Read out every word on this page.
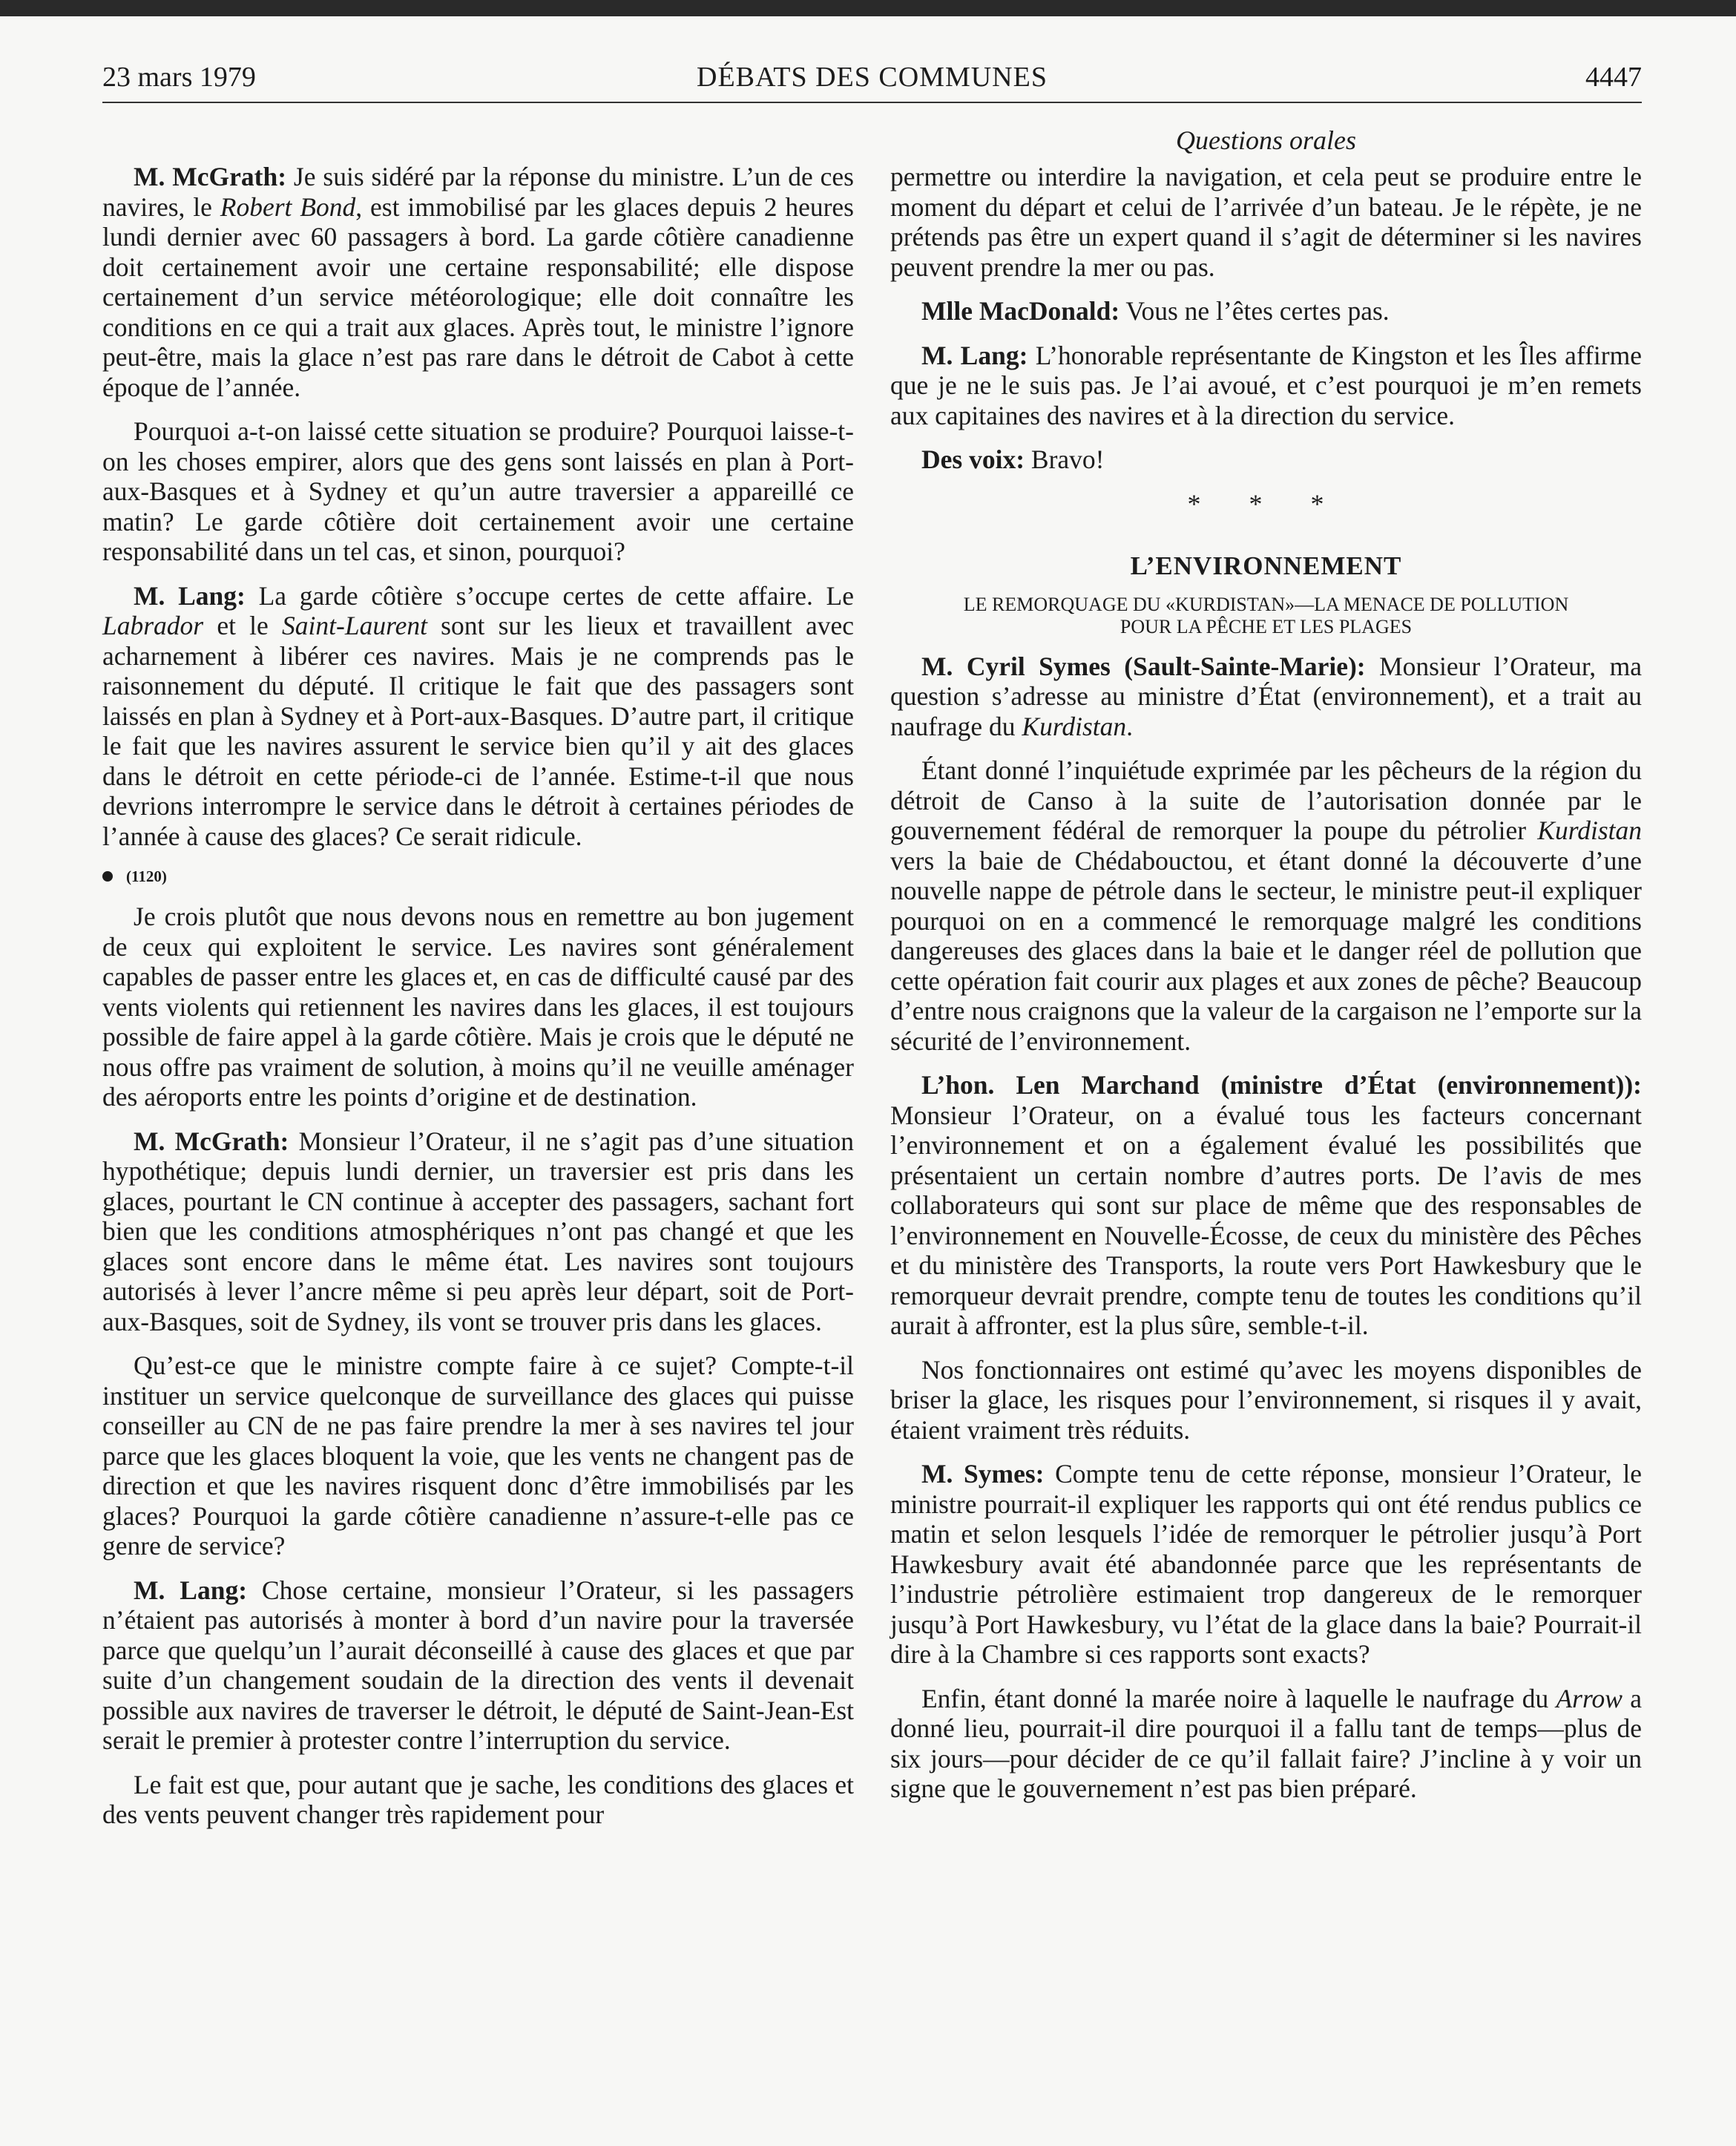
23 mars 1979	DÉBATS DES COMMUNES	4447
Questions orales

M. McGrath: Je suis sidéré par la réponse du ministre. L’un de ces navires, le Robert Bond, est immobilisé par les glaces depuis 2 heures lundi dernier avec 60 passagers à bord. La garde côtière canadienne doit certainement avoir une certaine responsabilité; elle dispose certainement d’un service météorologique; elle doit connaître les conditions en ce qui a trait aux glaces. Après tout, le ministre l’ignore peut-être, mais la glace n’est pas rare dans le détroit de Cabot à cette époque de l’année.

Pourquoi a-t-on laissé cette situation se produire? Pourquoi laisse-t-on les choses empirer, alors que des gens sont laissés en plan à Port-aux-Basques et à Sydney et qu’un autre traversier a appareillé ce matin? Le garde côtière doit certainement avoir une certaine responsabilité dans un tel cas, et sinon, pourquoi?

M. Lang: La garde côtière s’occupe certes de cette affaire. Le Labrador et le Saint-Laurent sont sur les lieux et travaillent avec acharnement à libérer ces navires. Mais je ne comprends pas le raisonnement du député. Il critique le fait que des passagers sont laissés en plan à Sydney et à Port-aux-Basques. D’autre part, il critique le fait que les navires assurent le service bien qu’il y ait des glaces dans le détroit en cette période-ci de l’année. Estime-t-il que nous devrions interrompre le service dans le détroit à certaines périodes de l’année à cause des glaces? Ce serait ridicule.

(1120)

Je crois plutôt que nous devons nous en remettre au bon jugement de ceux qui exploitent le service. Les navires sont généralement capables de passer entre les glaces et, en cas de difficulté causé par des vents violents qui retiennent les navires dans les glaces, il est toujours possible de faire appel à la garde côtière. Mais je crois que le député ne nous offre pas vraiment de solution, à moins qu’il ne veuille aménager des aéroports entre les points d’origine et de destination.

M. McGrath: Monsieur l’Orateur, il ne s’agit pas d’une situation hypothétique; depuis lundi dernier, un traversier est pris dans les glaces, pourtant le CN continue à accepter des passagers, sachant fort bien que les conditions atmosphériques n’ont pas changé et que les glaces sont encore dans le même état. Les navires sont toujours autorisés à lever l’ancre même si peu après leur départ, soit de Port-aux-Basques, soit de Sydney, ils vont se trouver pris dans les glaces.

Qu’est-ce que le ministre compte faire à ce sujet? Compte-t-il instituer un service quelconque de surveillance des glaces qui puisse conseiller au CN de ne pas faire prendre la mer à ses navires tel jour parce que les glaces bloquent la voie, que les vents ne changent pas de direction et que les navires risquent donc d’être immobilisés par les glaces? Pourquoi la garde côtière canadienne n’assure-t-elle pas ce genre de service?

M. Lang: Chose certaine, monsieur l’Orateur, si les passagers n’étaient pas autorisés à monter à bord d’un navire pour la traversée parce que quelqu’un l’aurait déconseillé à cause des glaces et que par suite d’un changement soudain de la direction des vents il devenait possible aux navires de traverser le détroit, le député de Saint-Jean-Est serait le premier à protester contre l’interruption du service.

Le fait est que, pour autant que je sache, les conditions des glaces et des vents peuvent changer très rapidement pour

permettre ou interdire la navigation, et cela peut se produire entre le moment du départ et celui de l’arrivée d’un bateau. Je le répète, je ne prétends pas être un expert quand il s’agit de déterminer si les navires peuvent prendre la mer ou pas.

Mlle MacDonald: Vous ne l’êtes certes pas.

M. Lang: L’honorable représentante de Kingston et les Îles affirme que je ne le suis pas. Je l’ai avoué, et c’est pourquoi je m’en remets aux capitaines des navires et à la direction du service.

Des voix: Bravo!

* * *
L’ENVIRONNEMENT
LE REMORQUAGE DU «KURDISTAN»—LA MENACE DE POLLUTION
POUR LA PÊCHE ET LES PLAGES

M. Cyril Symes (Sault-Sainte-Marie): Monsieur l’Orateur, ma question s’adresse au ministre d’État (environnement), et a trait au naufrage du Kurdistan.

Étant donné l’inquiétude exprimée par les pêcheurs de la région du détroit de Canso à la suite de l’autorisation donnée par le gouvernement fédéral de remorquer la poupe du pétrolier Kurdistan vers la baie de Chédabouctou, et étant donné la découverte d’une nouvelle nappe de pétrole dans le secteur, le ministre peut-il expliquer pourquoi on en a commencé le remorquage malgré les conditions dangereuses des glaces dans la baie et le danger réel de pollution que cette opération fait courir aux plages et aux zones de pêche? Beaucoup d’entre nous craignons que la valeur de la cargaison ne l’emporte sur la sécurité de l’environnement.

L’hon. Len Marchand (ministre d’État (environnement)): Monsieur l’Orateur, on a évalué tous les facteurs concernant l’environnement et on a également évalué les possibilités que présentaient un certain nombre d’autres ports. De l’avis de mes collaborateurs qui sont sur place de même que des responsables de l’environnement en Nouvelle-Écosse, de ceux du ministère des Pêches et du ministère des Transports, la route vers Port Hawkesbury que le remorqueur devrait prendre, compte tenu de toutes les conditions qu’il aurait à affronter, est la plus sûre, semble-t-il.

Nos fonctionnaires ont estimé qu’avec les moyens disponibles de briser la glace, les risques pour l’environnement, si risques il y avait, étaient vraiment très réduits.

M. Symes: Compte tenu de cette réponse, monsieur l’Orateur, le ministre pourrait-il expliquer les rapports qui ont été rendus publics ce matin et selon lesquels l’idée de remorquer le pétrolier jusqu’à Port Hawkesbury avait été abandonnée parce que les représentants de l’industrie pétrolière estimaient trop dangereux de le remorquer jusqu’à Port Hawkesbury, vu l’état de la glace dans la baie? Pourrait-il dire à la Chambre si ces rapports sont exacts?

Enfin, étant donné la marée noire à laquelle le naufrage du Arrow a donné lieu, pourrait-il dire pourquoi il a fallu tant de temps—plus de six jours—pour décider de ce qu’il fallait faire? J’incline à y voir un signe que le gouvernement n’est pas bien préparé.
